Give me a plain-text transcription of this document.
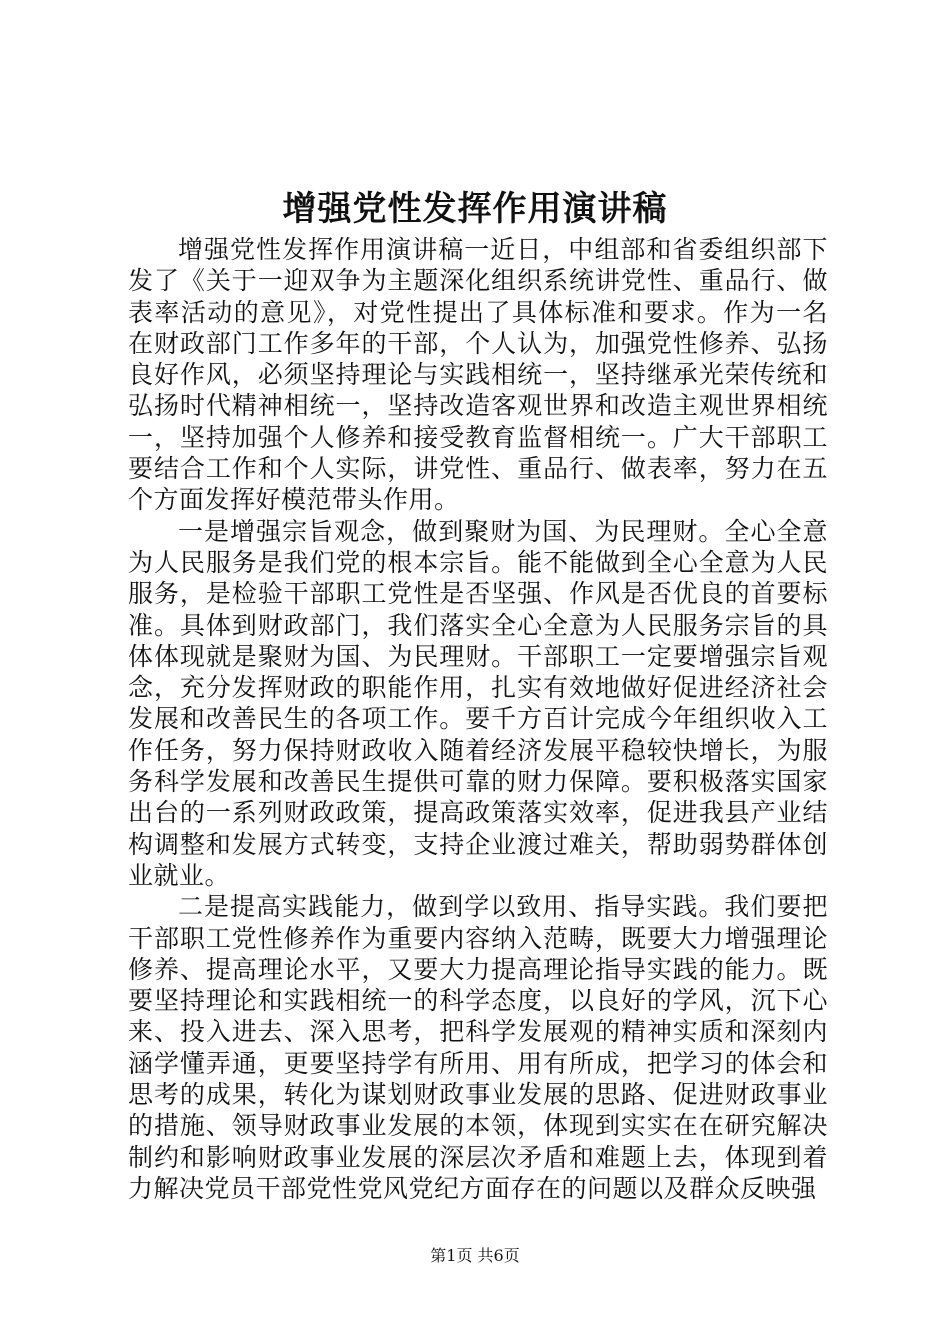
增强党性发挥作用演讲稿

增强党性发挥作用演讲稿一近日，中组部和省委组织部下发了《关于一迎双争为主题深化组织系统讲党性、重品行、做表率活动的意见》，对党性提出了具体标准和要求。作为一名在财政部门工作多年的干部，个人认为，加强党性修养、弘扬良好作风，必须坚持理论与实践相统一，坚持继承光荣传统和弘扬时代精神相统一，坚持改造客观世界和改造主观世界相统一，坚持加强个人修养和接受教育监督相统一。广大干部职工要结合工作和个人实际，讲党性、重品行、做表率，努力在五个方面发挥好模范带头作用。

一是增强宗旨观念，做到聚财为国、为民理财。全心全意为人民服务是我们党的根本宗旨。能不能做到全心全意为人民服务，是检验干部职工党性是否坚强、作风是否优良的首要标准。具体到财政部门，我们落实全心全意为人民服务宗旨的具体体现就是聚财为国、为民理财。干部职工一定要增强宗旨观念，充分发挥财政的职能作用，扎实有效地做好促进经济社会发展和改善民生的各项工作。要千方百计完成今年组织收入工作任务，努力保持财政收入随着经济发展平稳较快增长，为服务科学发展和改善民生提供可靠的财力保障。要积极落实国家出台的一系列财政政策，提高政策落实效率，促进我县产业结构调整和发展方式转变，支持企业渡过难关，帮助弱势群体创业就业。

二是提高实践能力，做到学以致用、指导实践。我们要把干部职工党性修养作为重要内容纳入范畴，既要大力增强理论修养、提高理论水平，又要大力提高理论指导实践的能力。既要坚持理论和实践相统一的科学态度，以良好的学风，沉下心来、投入进去、深入思考，把科学发展观的精神实质和深刻内涵学懂弄通，更要坚持学有所用、用有所成，把学习的体会和思考的成果，转化为谋划财政事业发展的思路、促进财政事业的措施、领导财政事业发展的本领，体现到实实在在研究解决制约和影响财政事业发展的深层次矛盾和难题上去，体现到着力解决党员干部党性党风党纪方面存在的问题以及群众反映强

第1页 共6页
